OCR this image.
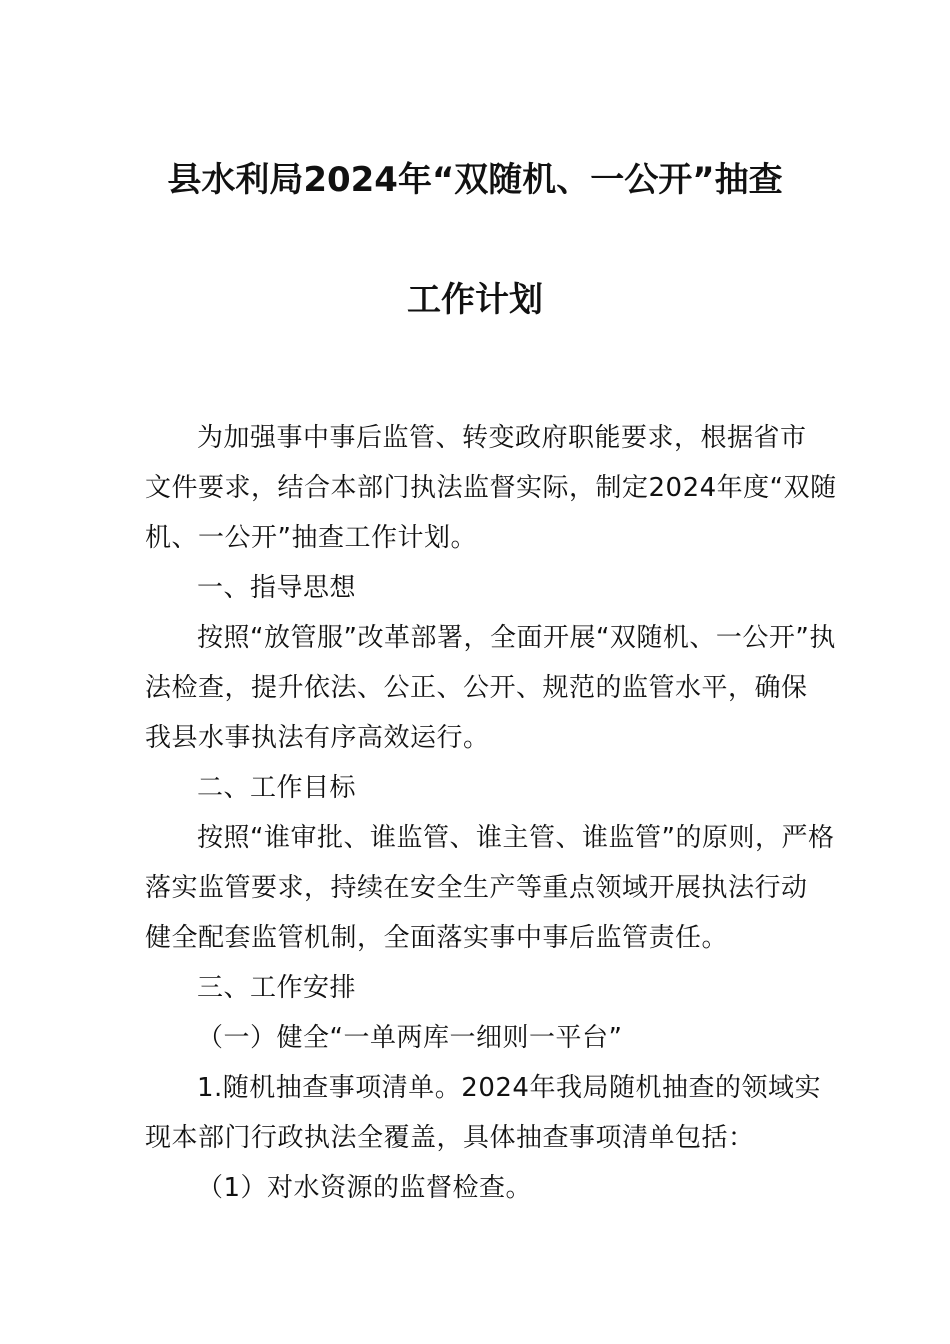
县水利局2024年“双随机、一公开”抽查
工作计划
为加强事中事后监管、转变政府职能要求，根据省市
文件要求，结合本部门执法监督实际，制定2024年度“双随
机、一公开”抽查工作计划。
一、指导思想
按照“放管服”改革部署，全面开展“双随机、一公开”执
法检查，提升依法、公正、公开、规范的监管水平，确保
我县水事执法有序高效运行。
二、工作目标
按照“谁审批、谁监管、谁主管、谁监管”的原则，严格
落实监管要求，持续在安全生产等重点领域开展执法行动
健全配套监管机制，全面落实事中事后监管责任。
三、工作安排
（一）健全“一单两库一细则一平台”
1.随机抽查事项清单。2024年我局随机抽查的领域实
现本部门行政执法全覆盖，具体抽查事项清单包括：
（1）对水资源的监督检查。
